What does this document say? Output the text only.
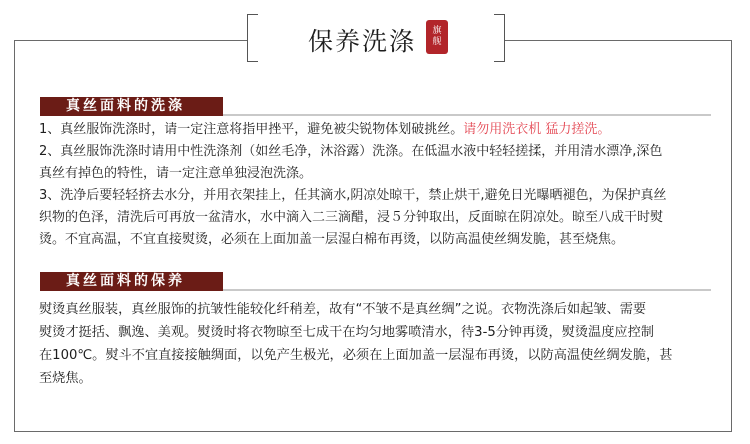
保养洗涤 旗舰
真丝面料的洗涤

1、真丝服饰洗涤时，请一定注意将指甲挫平，避免被尖锐物体划破挑丝。请勿用洗衣机 猛力搓洗。

2、真丝服饰洗涤时请用中性洗涤剂（如丝毛净，沐浴露）洗涤。在低温水液中轻轻搓揉，并用清水漂净,深色
真丝有掉色的特性，请一定注意单独浸泡洗涤。

3、洗净后要轻轻挤去水分，并用衣架挂上，任其滴水,阴凉处晾干，禁止烘干,避免日光曝晒褪色，为保护真丝
织物的色泽，清洗后可再放一盆清水，水中滴入二三滴醋，浸５分钟取出，反面晾在阴凉处。晾至八成干时熨
烫。不宜高温，不宜直接熨烫，必须在上面加盖一层湿白棉布再烫，以防高温使丝绸发脆，甚至烧焦。

真丝面料的保养

熨烫真丝服装，真丝服饰的抗皱性能较化纤稍差，故有“不皱不是真丝绸”之说。衣物洗涤后如起皱、需要
熨烫才挺括、飘逸、美观。熨烫时将衣物晾至七成干在均匀地雾喷清水，待3-5分钟再烫，熨烫温度应控制
在100℃。熨斗不宜直接接触绸面，以免产生极光，必须在上面加盖一层湿布再烫，以防高温使丝绸发脆，甚
至烧焦。
